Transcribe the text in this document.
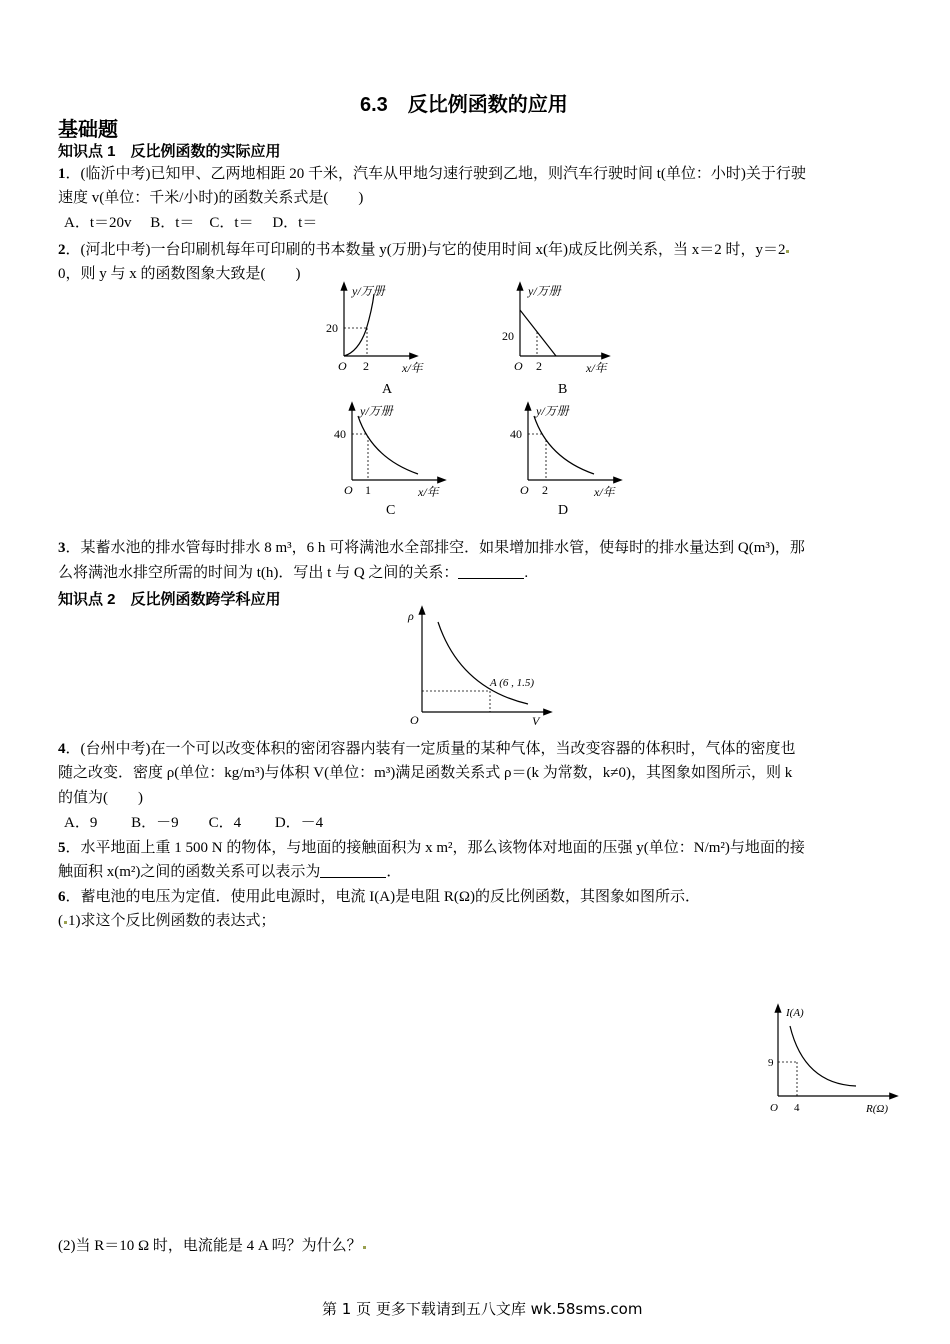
6.3　反比例函数的应用
基础题
知识点 1　反比例函数的实际应用
1．(临沂中考)已知甲、乙两地相距 20 千米，汽车从甲地匀速行驶到乙地，则汽车行驶时间 t(单位：小时)关于行驶
速度 v(单位：千米/小时)的函数关系式是(　　)
A．t＝20v　 B．t＝　C．t＝　 D．t＝
2．(河北中考)一台印刷机每年可印刷的书本数量 y(万册)与它的使用时间 x(年)成反比例关系，当 x＝2 时，y＝2
0，则 y 与 x 的函数图象大致是(　　)
y/万册
20
O 2	x/年
A
y/万册
20
O 2	x/年
B
y/万册
40
O 1	x/年
C
y/万册
40
O 2	x/年
D
3．某蓄水池的排水管每时排水 8 m³，6 h 可将满池水全部排空．如果增加排水管，使每时的排水量达到 Q(m³)，那
么将满池水排空所需的时间为 t(h)．写出 t 与 Q 之间的关系：	.
知识点 2　反比例函数跨学科应用
ρ
O	V
A (6 , 1.5)
4．(台州中考)在一个可以改变体积的密闭容器内装有一定质量的某种气体，当改变容器的体积时，气体的密度也
随之改变．密度 ρ(单位：kg/m³)与体积 V(单位：m³)满足函数关系式 ρ＝(k 为常数，k≠0)，其图象如图所示，则 k
的值为(　　)
A．9　　 B．－9　　C．4　　 D．－4
5．水平地面上重 1 500 N 的物体，与地面的接触面积为 x m²，那么该物体对地面的压强 y(单位：N/m²)与地面的接
触面积 x(m²)之间的函数关系可以表示为	．
6．蓄电池的电压为定值．使用此电源时，电流 I(A)是电阻 R(Ω)的反比例函数，其图象如图所示．
( 1)求这个反比例函数的表达式；
I(A)
9
O 4	R(Ω)
(2)当 R＝10 Ω 时，电流能是 4 A 吗？为什么？
第 1 页 更多下载请到五八文库 wk.58sms.com
